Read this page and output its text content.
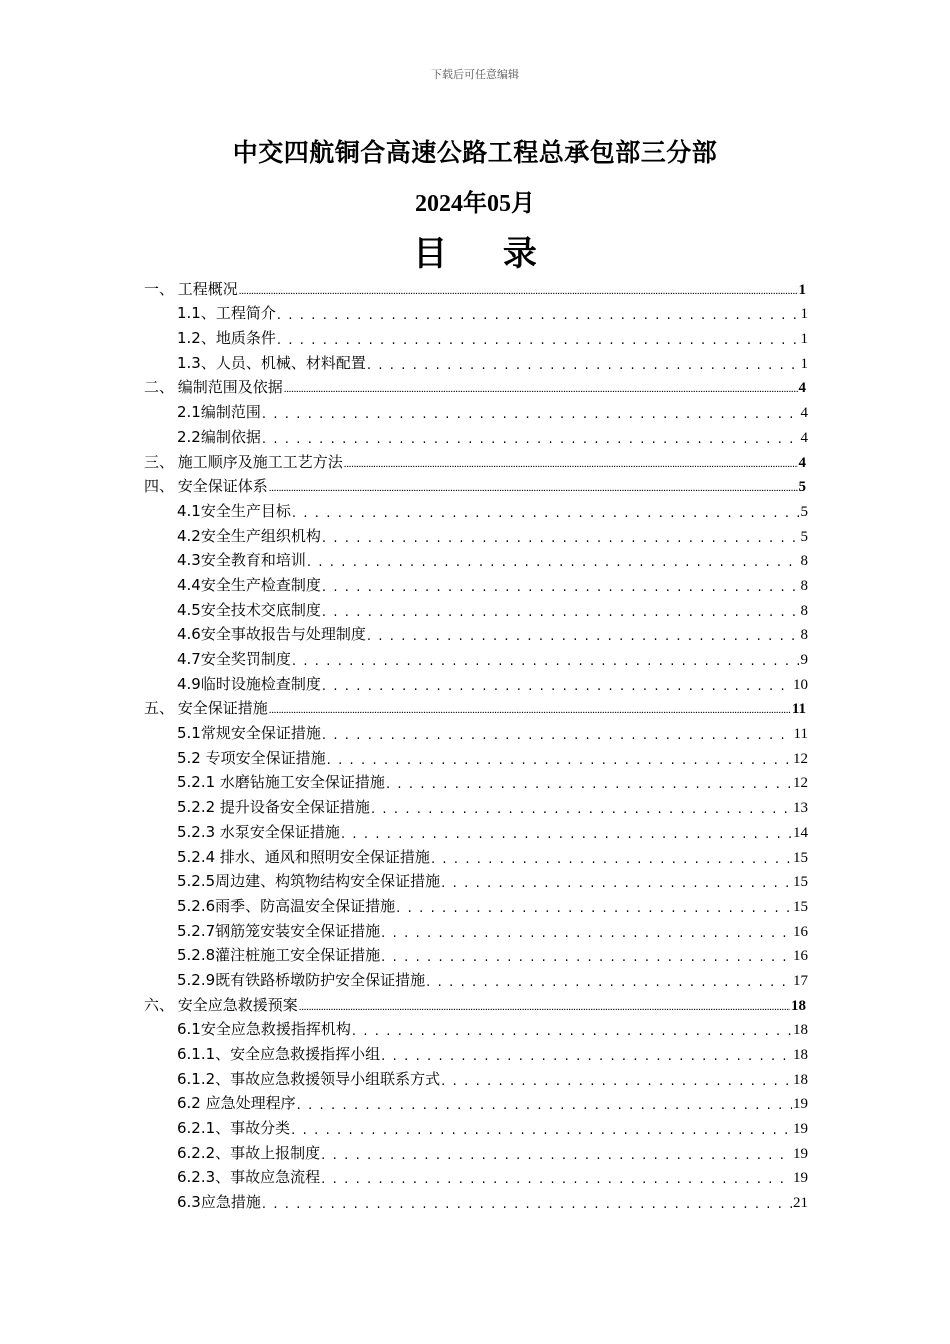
下载后可任意编辑
中交四航铜合高速公路工程总承包部三分部
2024年05月
目 录
一、 工程概况 .....	1
1.1、工程简介 . . .	1
1.2、地质条件 . . .	1
1.3、人员、机械、材料配置 . . .	1
二、 编制范围及依据 .....	4
2.1编制范围 . . .	4
2.2编制依据 . . .	4
三、 施工顺序及施工工艺方法 .....	4
四、 安全保证体系 .....	5
4.1安全生产目标 . . .	5
4.2安全生产组织机构 . . .	5
4.3安全教育和培训 . . .	8
4.4安全生产检查制度 . . .	8
4.5安全技术交底制度 . . .	8
4.6安全事故报告与处理制度 . . .	8
4.7安全奖罚制度 . . .	9
4.9临时设施检查制度 . . .	10
五、 安全保证措施 .....	11
5.1常规安全保证措施 . . .	11
5.2 专项安全保证措施 . . .	12
5.2.1 水磨钻施工安全保证措施 . . .	12
5.2.2 提升设备安全保证措施 . . .	13
5.2.3 水泵安全保证措施 . . .	14
5.2.4 排水、通风和照明安全保证措施 . . .	15
5.2.5周边建、构筑物结构安全保证措施 . . .	15
5.2.6雨季、防高温安全保证措施 . . .	15
5.2.7钢筋笼安装安全保证措施 . . .	16
5.2.8灌注桩施工安全保证措施 . . .	16
5.2.9既有铁路桥墩防护安全保证措施 . . .	17
六、 安全应急救援预案 .....	18
6.1安全应急救援指挥机构 . . .	18
6.1.1、安全应急救援指挥小组 . . .	18
6.1.2、事故应急救援领导小组联系方式 . . .	18
6.2 应急处理程序 . . .	19
6.2.1、事故分类 . . .	19
6.2.2、事故上报制度 . . .	19
6.2.3、事故应急流程 . . .	19
6.3应急措施 . . .	21
